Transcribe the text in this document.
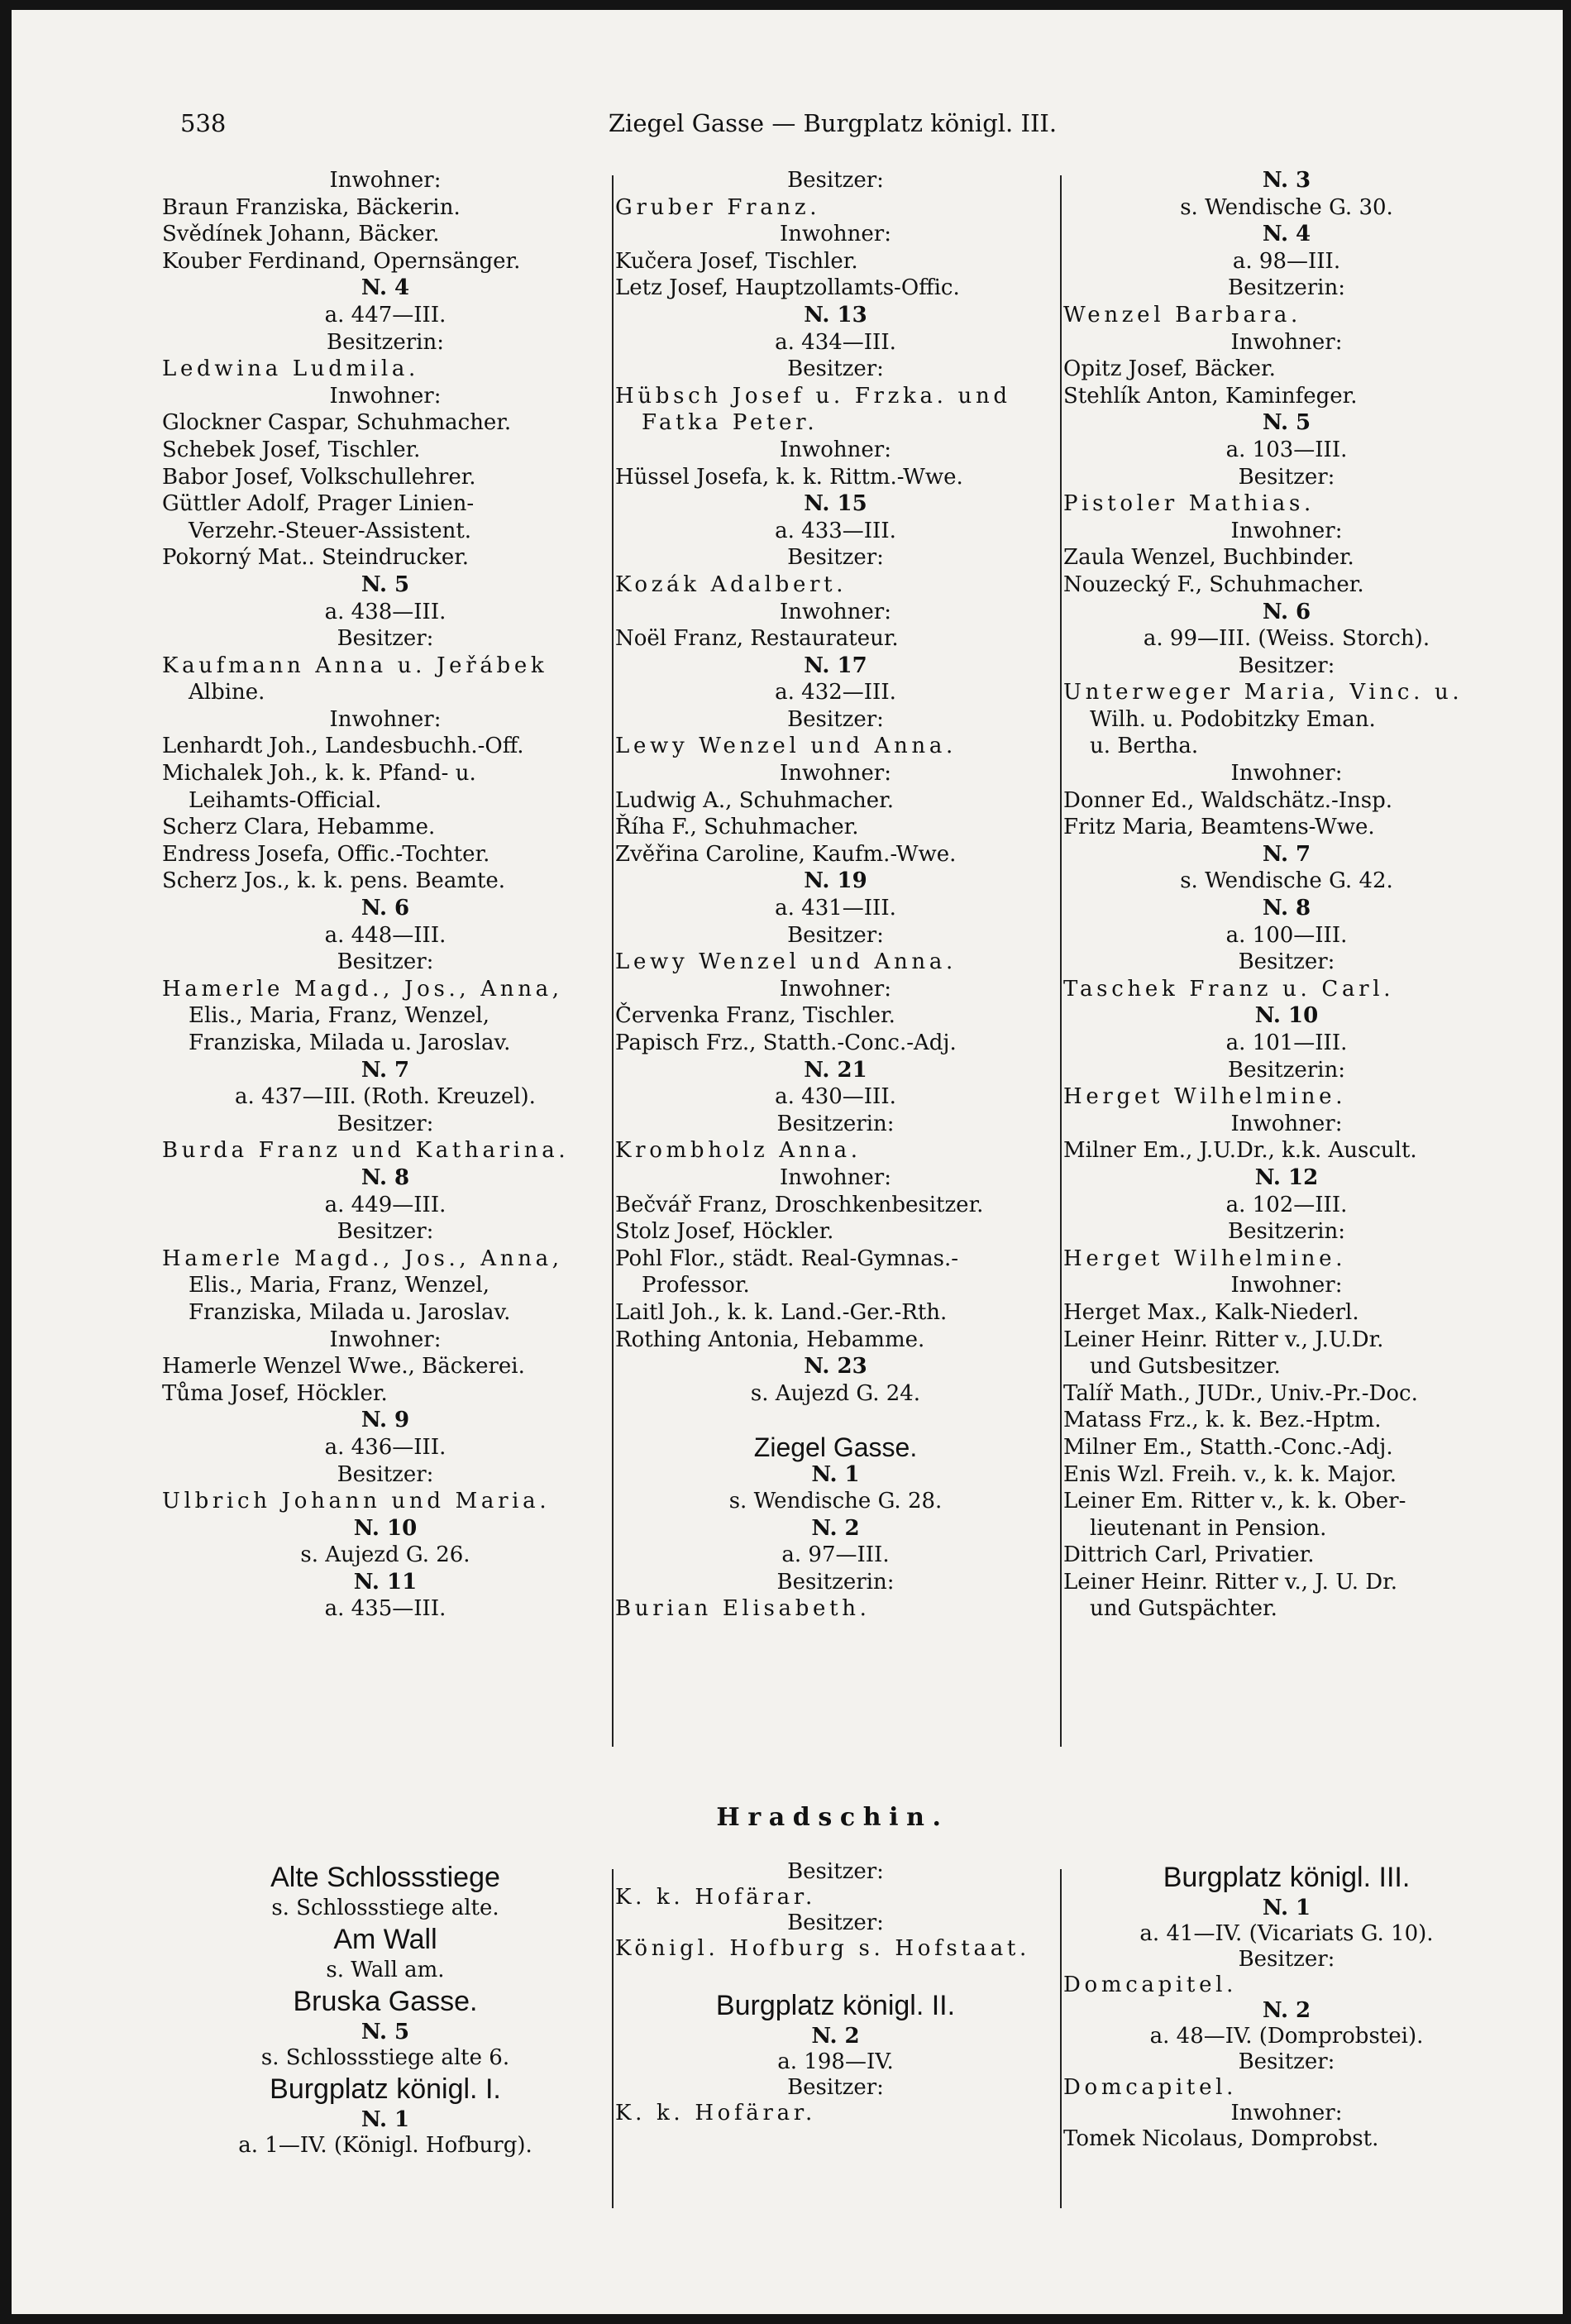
538	Ziegel Gasse — Burgplatz königl. III.
Inwohner:
Braun Franziska, Bäckerin.
Svědínek Johann, Bäcker.
Kouber Ferdinand, Opernsänger.
N. 4
a. 447—III.
Besitzerin:
Ledwina Ludmila.
Inwohner:
Glockner Caspar, Schuhmacher.
Schebek Josef, Tischler.
Babor Josef, Volkschullehrer.
Güttler Adolf, Prager Linien-
Verzehr.-Steuer-Assistent.
Pokorný Mat.. Steindrucker.
N. 5
a. 438—III.
Besitzer:
Kaufmann Anna u. Jeřábek
Albine.
Inwohner:
Lenhardt Joh., Landesbuchh.-Off.
Michalek Joh., k. k. Pfand- u.
Leihamts-Official.
Scherz Clara, Hebamme.
Endress Josefa, Offic.-Tochter.
Scherz Jos., k. k. pens. Beamte.
N. 6
a. 448—III.
Besitzer:
Hamerle Magd., Jos., Anna,
Elis., Maria, Franz, Wenzel,
Franziska, Milada u. Jaroslav.
N. 7
a. 437—III. (Roth. Kreuzel).
Besitzer:
Burda Franz und Katharina.
N. 8
a. 449—III.
Besitzer:
Hamerle Magd., Jos., Anna,
Elis., Maria, Franz, Wenzel,
Franziska, Milada u. Jaroslav.
Inwohner:
Hamerle Wenzel Wwe., Bäckerei.
Tůma Josef, Höckler.
N. 9
a. 436—III.
Besitzer:
Ulbrich Johann und Maria.
N. 10
s. Aujezd G. 26.
N. 11
a. 435—III.
Besitzer:
Gruber Franz.
Inwohner:
Kučera Josef, Tischler.
Letz Josef, Hauptzollamts-Offic.
N. 13
a. 434—III.
Besitzer:
Hübsch Josef u. Frzka. und
Fatka Peter.
Inwohner:
Hüssel Josefa, k. k. Rittm.-Wwe.
N. 15
a. 433—III.
Besitzer:
Kozák Adalbert.
Inwohner:
Noël Franz, Restaurateur.
N. 17
a. 432—III.
Besitzer:
Lewy Wenzel und Anna.
Inwohner:
Ludwig A., Schuhmacher.
Říha F., Schuhmacher.
Zvěřina Caroline, Kaufm.-Wwe.
N. 19
a. 431—III.
Besitzer:
Lewy Wenzel und Anna.
Inwohner:
Červenka Franz, Tischler.
Papisch Frz., Statth.-Conc.-Adj.
N. 21
a. 430—III.
Besitzerin:
Krombholz Anna.
Inwohner:
Bečvář Franz, Droschkenbesitzer.
Stolz Josef, Höckler.
Pohl Flor., städt. Real-Gymnas.-
Professor.
Laitl Joh., k. k. Land.-Ger.-Rth.
Rothing Antonia, Hebamme.
N. 23
s. Aujezd G. 24.
Ziegel Gasse.
N. 1
s. Wendische G. 28.
N. 2
a. 97—III.
Besitzerin:
Burian Elisabeth.
N. 3
s. Wendische G. 30.
N. 4
a. 98—III.
Besitzerin:
Wenzel Barbara.
Inwohner:
Opitz Josef, Bäcker.
Stehlík Anton, Kaminfeger.
N. 5
a. 103—III.
Besitzer:
Pistoler Mathias.
Inwohner:
Zaula Wenzel, Buchbinder.
Nouzecký F., Schuhmacher.
N. 6
a. 99—III. (Weiss. Storch).
Besitzer:
Unterweger Maria, Vinc. u.
Wilh. u. Podobitzky Eman.
u. Bertha.
Inwohner:
Donner Ed., Waldschätz.-Insp.
Fritz Maria, Beamtens-Wwe.
N. 7
s. Wendische G. 42.
N. 8
a. 100—III.
Besitzer:
Taschek Franz u. Carl.
N. 10
a. 101—III.
Besitzerin:
Herget Wilhelmine.
Inwohner:
Milner Em., J.U.Dr., k.k. Auscult.
N. 12
a. 102—III.
Besitzerin:
Herget Wilhelmine.
Inwohner:
Herget Max., Kalk-Niederl.
Leiner Heinr. Ritter v., J.U.Dr.
und Gutsbesitzer.
Talíř Math., JUDr., Univ.-Pr.-Doc.
Matass Frz., k. k. Bez.-Hptm.
Milner Em., Statth.-Conc.-Adj.
Enis Wzl. Freih. v., k. k. Major.
Leiner Em. Ritter v., k. k. Ober-
lieutenant in Pension.
Dittrich Carl, Privatier.
Leiner Heinr. Ritter v., J. U. Dr.
und Gutspächter.
Hradschin.
Alte Schlossstiege
s. Schlossstiege alte.
Am Wall
s. Wall am.
Bruska Gasse.
N. 5
s. Schlossstiege alte 6.
Burgplatz königl. I.
N. 1
a. 1—IV. (Königl. Hofburg).
Besitzer:
K. k. Hofärar.
Besitzer:
Königl. Hofburg s. Hofstaat.
Burgplatz königl. II.
N. 2
a. 198—IV.
Besitzer:
K. k. Hofärar.
Burgplatz königl. III.
N. 1
a. 41—IV. (Vicariats G. 10).
Besitzer:
Domcapitel.
N. 2
a. 48—IV. (Domprobstei).
Besitzer:
Domcapitel.
Inwohner:
Tomek Nicolaus, Domprobst.
